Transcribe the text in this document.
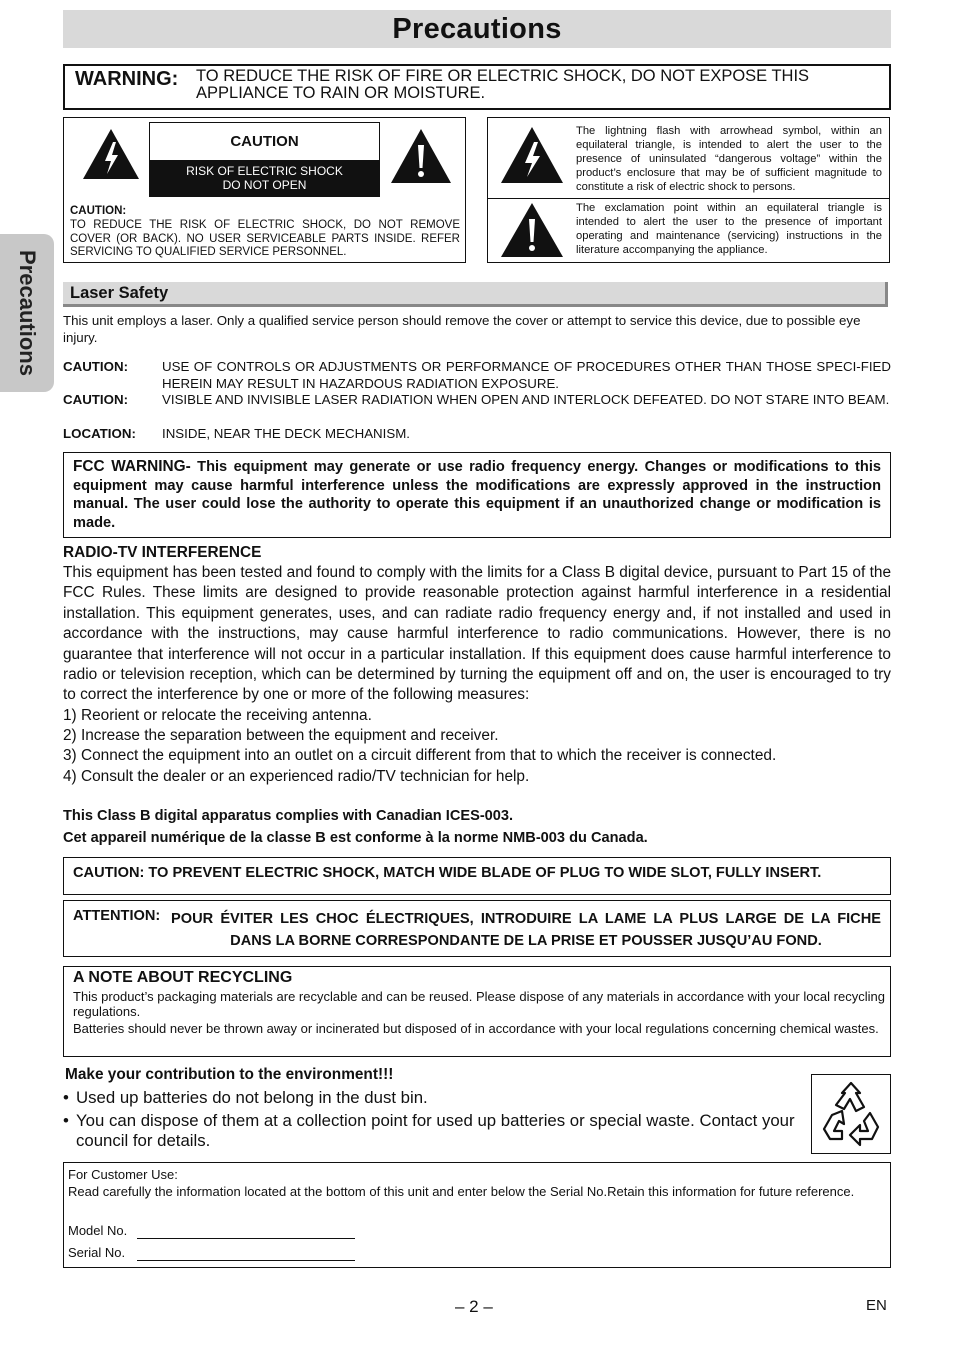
Precautions
Precautions
WARNING: TO REDUCE THE RISK OF FIRE OR ELECTRIC SHOCK, DO NOT EXPOSE THIS APPLIANCE TO RAIN OR MOISTURE.
CAUTION
RISK OF ELECTRIC SHOCK
DO NOT OPEN
CAUTION:
TO REDUCE THE RISK OF ELECTRIC SHOCK, DO NOT REMOVE COVER (OR BACK). NO USER SERVICEABLE PARTS INSIDE. REFER SERVICING TO QUALIFIED SERVICE PERSONNEL.
The lightning flash with arrowhead symbol, within an equilateral triangle, is intended to alert the user to the presence of uninsulated “dangerous voltage” within the product’s enclosure that may be of sufficient magnitude to constitute a risk of electric shock to persons.
The exclamation point within an equilateral triangle is intended to alert the user to the presence of important operating and maintenance (servicing) instructions in the literature accompanying the appliance.
Laser Safety
This unit employs a laser. Only a qualified service person should remove the cover or attempt to service this device, due to possible eye injury.
CAUTION:	USE OF CONTROLS OR ADJUSTMENTS OR PERFORMANCE OF PROCEDURES OTHER THAN THOSE SPECI-FIED HEREIN MAY RESULT IN HAZARDOUS RADIATION EXPOSURE.
CAUTION:	VISIBLE AND INVISIBLE LASER RADIATION WHEN OPEN AND INTERLOCK DEFEATED. DO NOT STARE INTO BEAM.
LOCATION: INSIDE, NEAR THE DECK MECHANISM.
FCC WARNING- This equipment may generate or use radio frequency energy. Changes or modifications to this equipment may cause harmful interference unless the modifications are expressly approved in the instruction manual. The user could lose the authority to operate this equipment if an unauthorized change or modification is made.
RADIO-TV INTERFERENCE
This equipment has been tested and found to comply with the limits for a Class B digital device, pursuant to Part 15 of the FCC Rules. These limits are designed to provide reasonable protection against harmful interference in a residential installation. This equipment generates, uses, and can radiate radio frequency energy and, if not installed and used in accordance with the instructions, may cause harmful interference to radio communications. However, there is no guarantee that interference will not occur in a particular installation. If this equipment does cause harmful interference to radio or television reception, which can be determined by turning the equipment off and on, the user is encouraged to try to correct the interference by one or more of the following measures:
1) Reorient or relocate the receiving antenna.
2) Increase the separation between the equipment and receiver.
3) Connect the equipment into an outlet on a circuit different from that to which the receiver is connected.
4) Consult the dealer or an experienced radio/TV technician for help.
This Class B digital apparatus complies with Canadian ICES-003.
Cet appareil numérique de la classe B est conforme à la norme NMB-003 du Canada.
CAUTION: TO PREVENT ELECTRIC SHOCK, MATCH WIDE BLADE OF PLUG TO WIDE SLOT, FULLY INSERT.
ATTENTION: POUR ÉVITER LES CHOC ÉLECTRIQUES, INTRODUIRE LA LAME LA PLUS LARGE DE LA FICHE DANS LA BORNE CORRESPONDANTE DE LA PRISE ET POUSSER JUSQU’AU FOND.
A NOTE ABOUT RECYCLING
This product’s packaging materials are recyclable and can be reused. Please dispose of any materials in accordance with your local recycling regulations.
Batteries should never be thrown away or incinerated but disposed of in accordance with your local regulations concerning chemical wastes.
Make your contribution to the environment!!!
• Used up batteries do not belong in the dust bin.
• You can dispose of them at a collection point for used up batteries or special waste. Contact your council for details.
For Customer Use:
Read carefully the information located at the bottom of this unit and enter below the Serial No.Retain this information for future reference.
Model No.
Serial No.
– 2 –	EN
